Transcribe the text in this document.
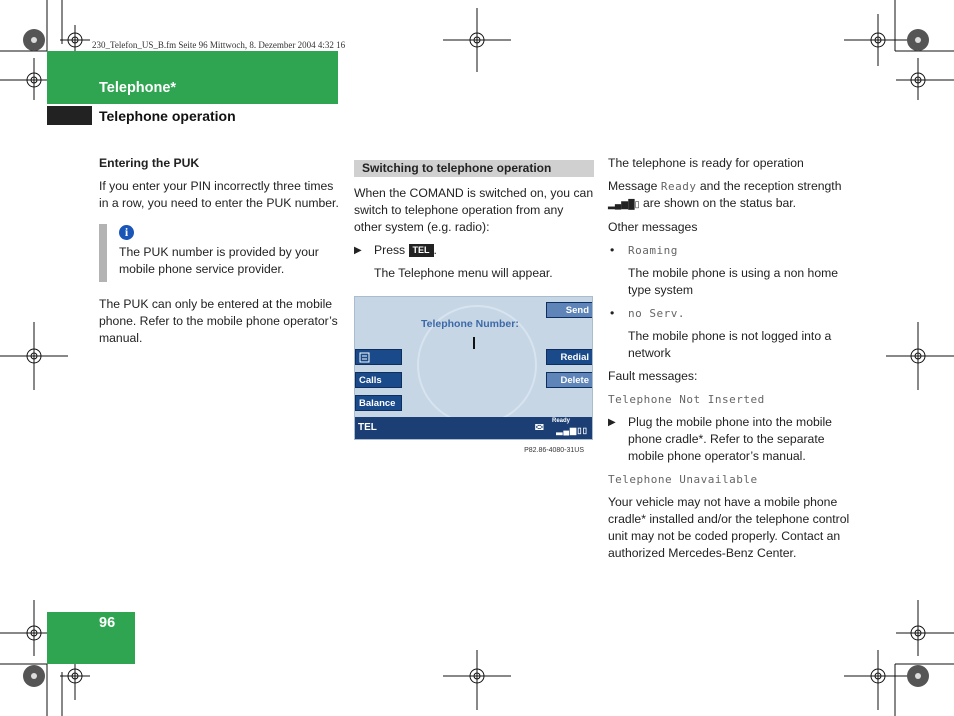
230_Telefon_US_B.fm Seite 96 Mittwoch, 8. Dezember 2004 4:32 16
Telephone*
Telephone operation
Entering the PUK

If you enter your PIN incorrectly three times in a row, you need to enter the PUK number.

i
The PUK number is provided by your mobile phone service provider.

The PUK can only be entered at the mobile phone. Refer to the mobile phone operator’s manual.

Switching to telephone operation

When the COMAND is switched on, you can switch to telephone operation from any other system (e.g. radio):

▶ Press TEL .
The Telephone menu will appear.
Send
Telephone Number:
Redial
Calls	Delete
Balance
TEL	✉
Ready
▂▄▆▯▯
P82.86-4080-31US

The telephone is ready for operation

Message Ready and the reception strength ▂▄▆█▯ are shown on the status bar.

Other messages

• Roaming
The mobile phone is using a non home type system
• no Serv.
The mobile phone is not logged into a network

Fault messages:

Telephone Not Inserted

▶ Plug the mobile phone into the mobile phone cradle*. Refer to the separate mobile phone operator’s manual.

Telephone Unavailable

Your vehicle may not have a mobile phone cradle* installed and/or the telephone control unit may not be coded properly. Contact an authorized Mercedes-Benz Center.

96
